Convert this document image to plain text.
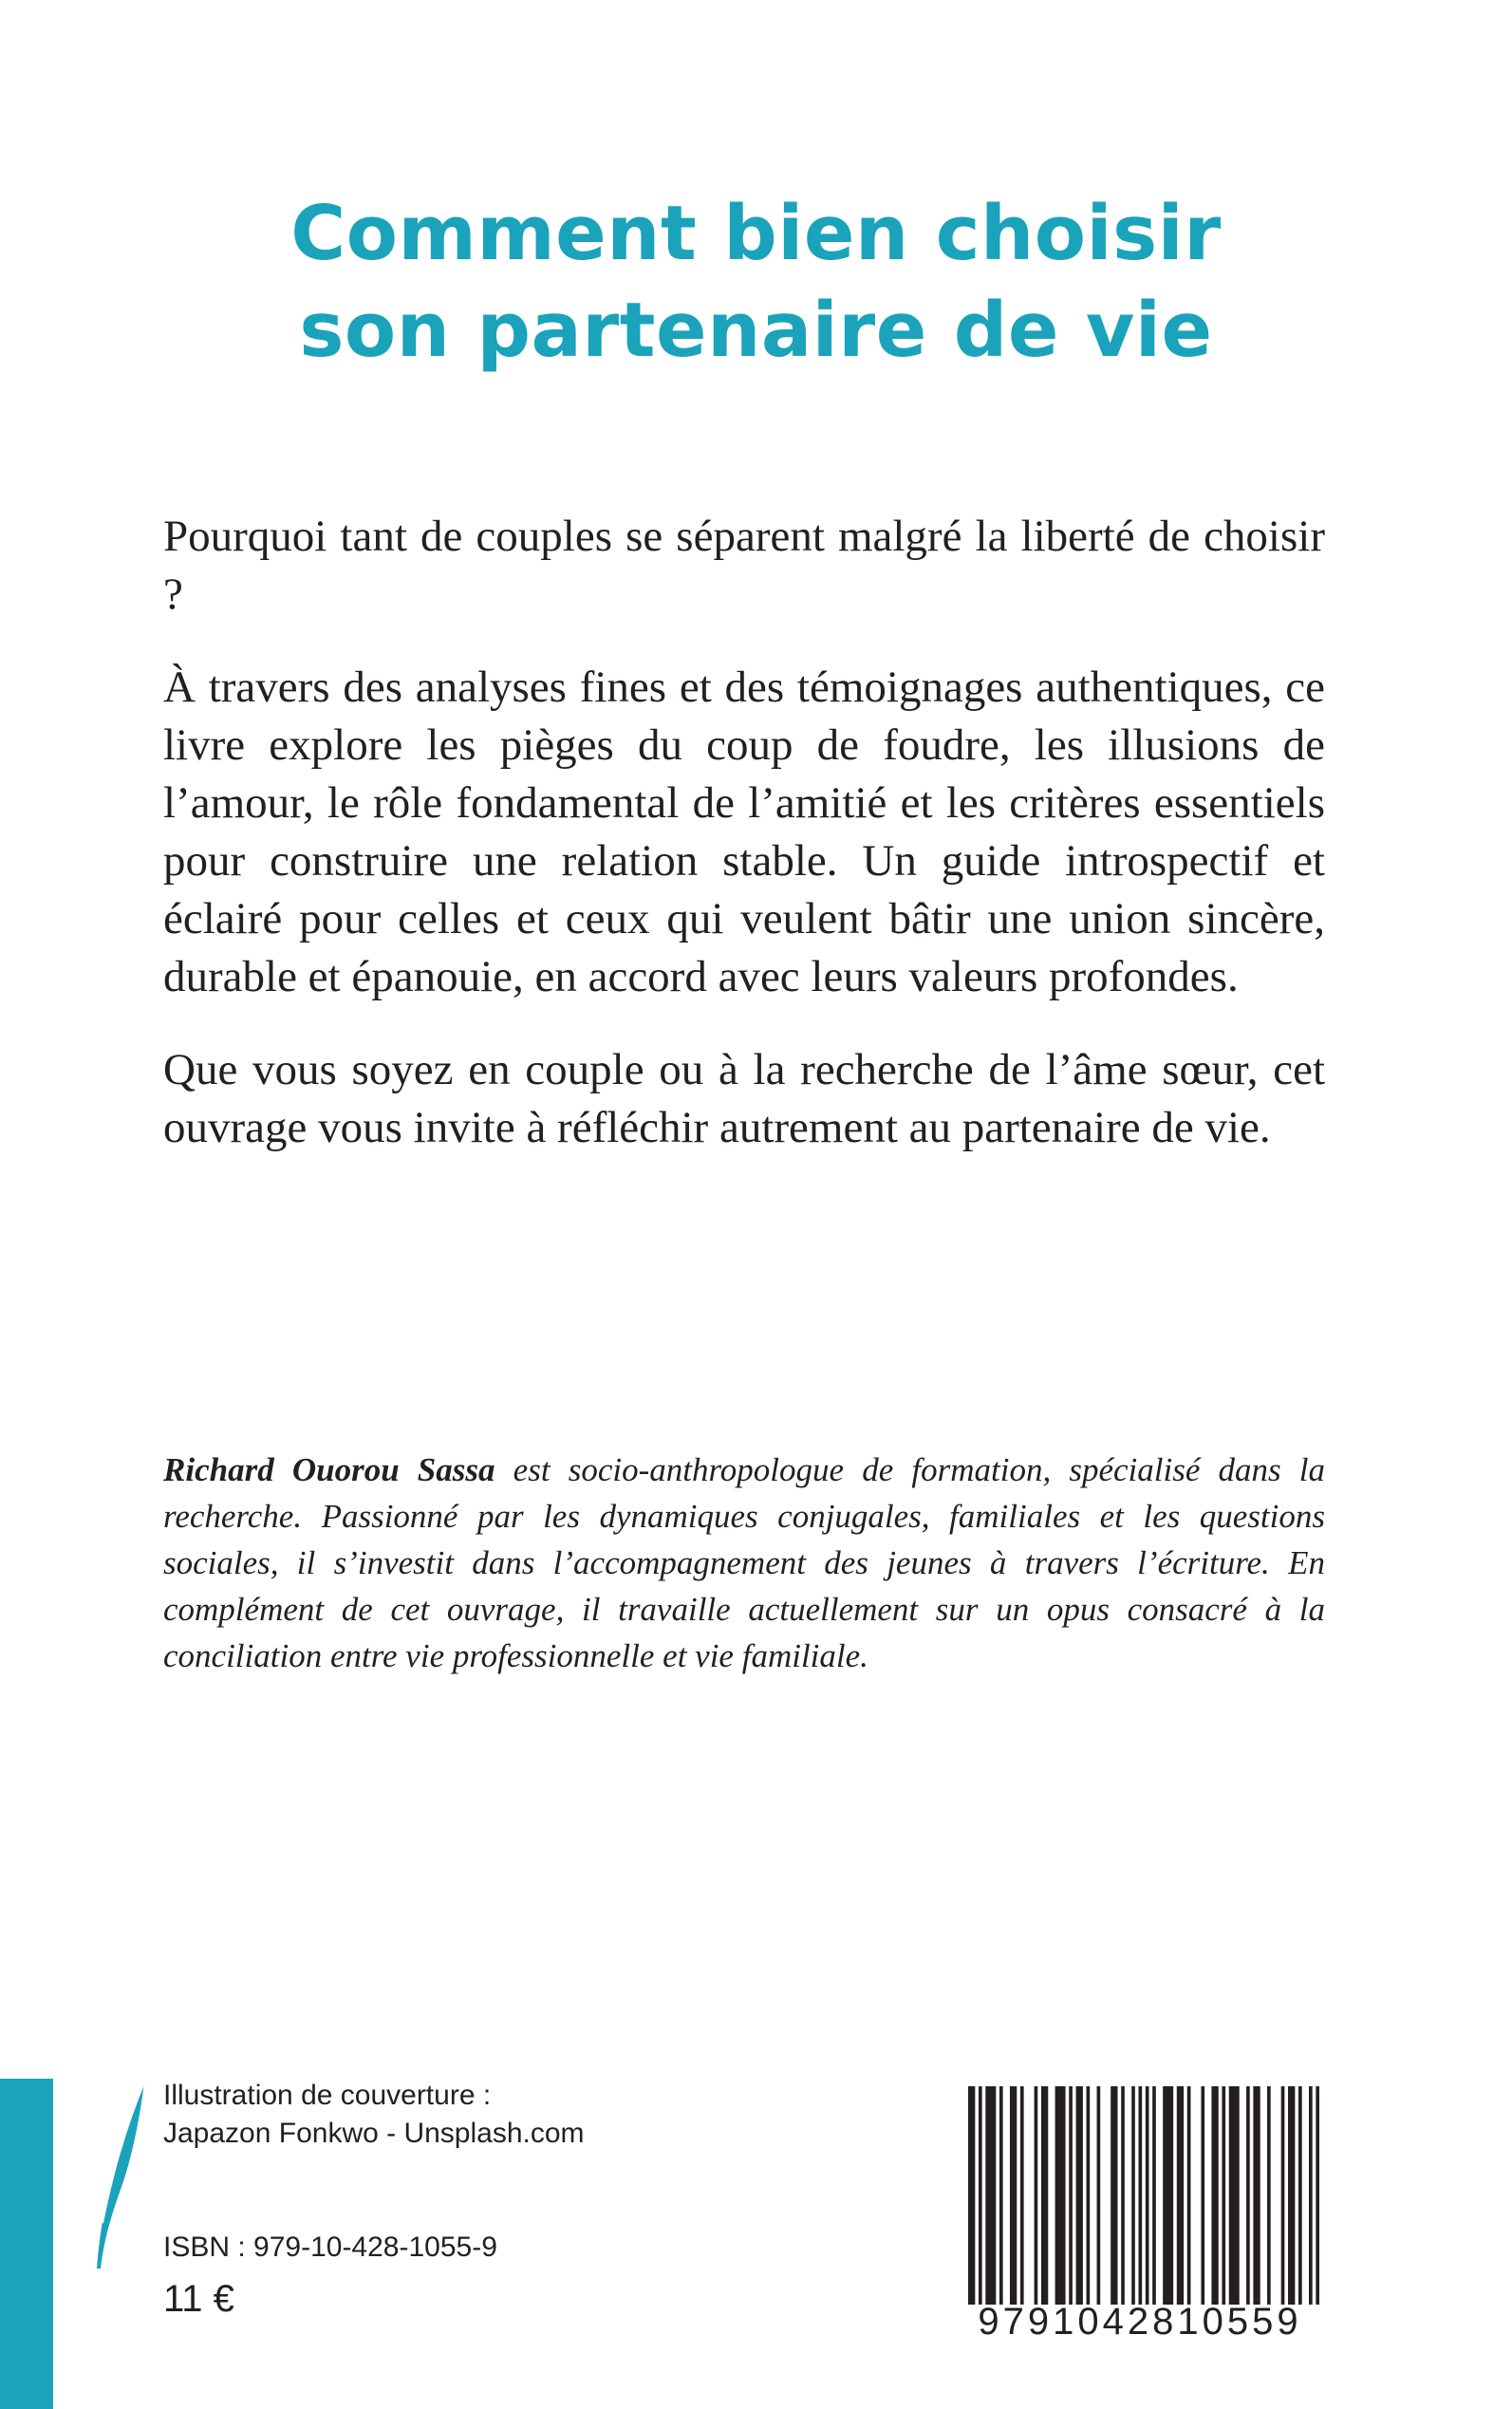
Comment bien choisir
son partenaire de vie

Pourquoi tant de couples se séparent malgré la liberté de choisir ?

À travers des analyses fines et des témoignages authentiques, ce livre explore les pièges du coup de foudre, les illusions de l’amour, le rôle fondamental de l’amitié et les critères essentiels pour construire une relation stable. Un guide introspectif et éclairé pour celles et ceux qui veulent bâtir une union sincère, durable et épanouie, en accord avec leurs valeurs profondes.

Que vous soyez en couple ou à la recherche de l’âme sœur, cet ouvrage vous invite à réfléchir autrement au partenaire de vie.

Richard Ouorou Sassa est socio-anthropologue de formation, spécialisé dans la recherche. Passionné par les dynamiques conjugales, familiales et les questions sociales, il s’investit dans l’accompagnement des jeunes à travers l’écriture. En complément de cet ouvrage, il travaille actuellement sur un opus consacré à la conciliation entre vie professionnelle et vie familiale.
Illustration de couverture :
Japazon Fonkwo - Unsplash.com
ISBN : 979-10-428-1055-9
11 €
9791042810559
